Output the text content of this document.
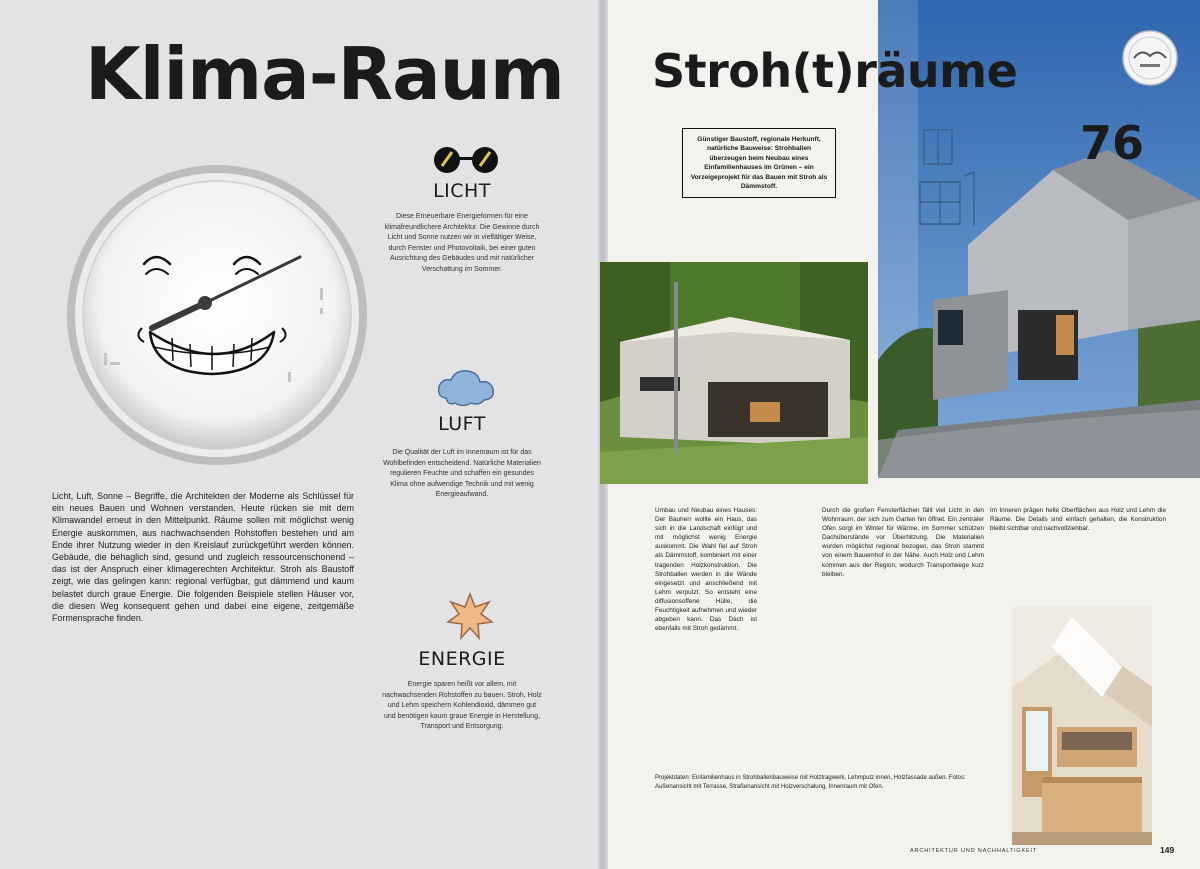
Klima-Raum
LICHT
Diese Erneuerbare Energieformen für eine klimafreundlichere Architektur. Die Gewinne durch Licht und Sonne nutzen wir in vielfältiger Weise, durch Fenster und Photovoltaik, bei einer guten Ausrichtung des Gebäudes und mit natürlicher Verschattung im Sommer.
LUFT
Die Qualität der Luft im Innenraum ist für das Wohlbefinden entscheidend. Natürliche Materialien regulieren Feuchte und schaffen ein gesundes Klima ohne aufwendige Technik und mit wenig Energieaufwand.
ENERGIE
Energie sparen heißt vor allem, mit nachwachsenden Rohstoffen zu bauen. Stroh, Holz und Lehm speichern Kohlendioxid, dämmen gut und benötigen kaum graue Energie in Herstellung, Transport und Entsorgung.
Licht, Luft, Sonne – Begriffe, die Architekten der Moderne als Schlüssel für ein neues Bauen und Wohnen verstanden. Heute rücken sie mit dem Klimawandel erneut in den Mittelpunkt. Räume sollen mit möglichst wenig Energie auskommen, aus nachwachsenden Rohstoffen bestehen und am Ende ihrer Nutzung wieder in den Kreislauf zurückgeführt werden können. Gebäude, die behaglich sind, gesund und zugleich ressourcenschonend – das ist der Anspruch einer klimagerechten Architektur. Stroh als Baustoff zeigt, wie das gelingen kann: regional verfügbar, gut dämmend und kaum belastet durch graue Energie. Die folgenden Beispiele stellen Häuser vor, die diesen Weg konsequent gehen und dabei eine eigene, zeitgemäße Formensprache finden.
Stroh(t)räume
76
Günstiger Baustoff, regionale Herkunft, natürliche Bauweise: Strohballen überzeugen beim Neubau eines Einfamilienhauses im Grünen – ein Vorzeigeprojekt für das Bauen mit Stroh als Dämmstoff.
Umbau und Neubau eines Hauses: Der Bauherr wollte ein Haus, das sich in die Landschaft einfügt und mit möglichst wenig Energie auskommt. Die Wahl fiel auf Stroh als Dämmstoff, kombiniert mit einer tragenden Holzkonstruktion. Die Strohballen werden in die Wände eingesetzt und anschließend mit Lehm verputzt. So entsteht eine diffusionsoffene Hülle, die Feuchtigkeit aufnehmen und wieder abgeben kann. Das Dach ist ebenfalls mit Stroh gedämmt.
Durch die großen Fensterflächen fällt viel Licht in den Wohnraum, der sich zum Garten hin öffnet. Ein zentraler Ofen sorgt im Winter für Wärme, im Sommer schützen Dachüberstände vor Überhitzung. Die Materialien wurden möglichst regional bezogen, das Stroh stammt von einem Bauernhof in der Nähe. Auch Holz und Lehm kommen aus der Region, wodurch Transportwege kurz bleiben.
Im Inneren prägen helle Oberflächen aus Holz und Lehm die Räume. Die Details sind einfach gehalten, die Konstruktion bleibt sichtbar und nachvollziehbar.
Projektdaten: Einfamilienhaus in Strohballenbauweise mit Holztragwerk, Lehmputz innen, Holzfassade außen. Fotos: Außenansicht mit Terrasse, Straßenansicht mit Holzverschalung, Innenraum mit Ofen.
ARCHITEKTUR UND NACHHALTIGKEIT	149
